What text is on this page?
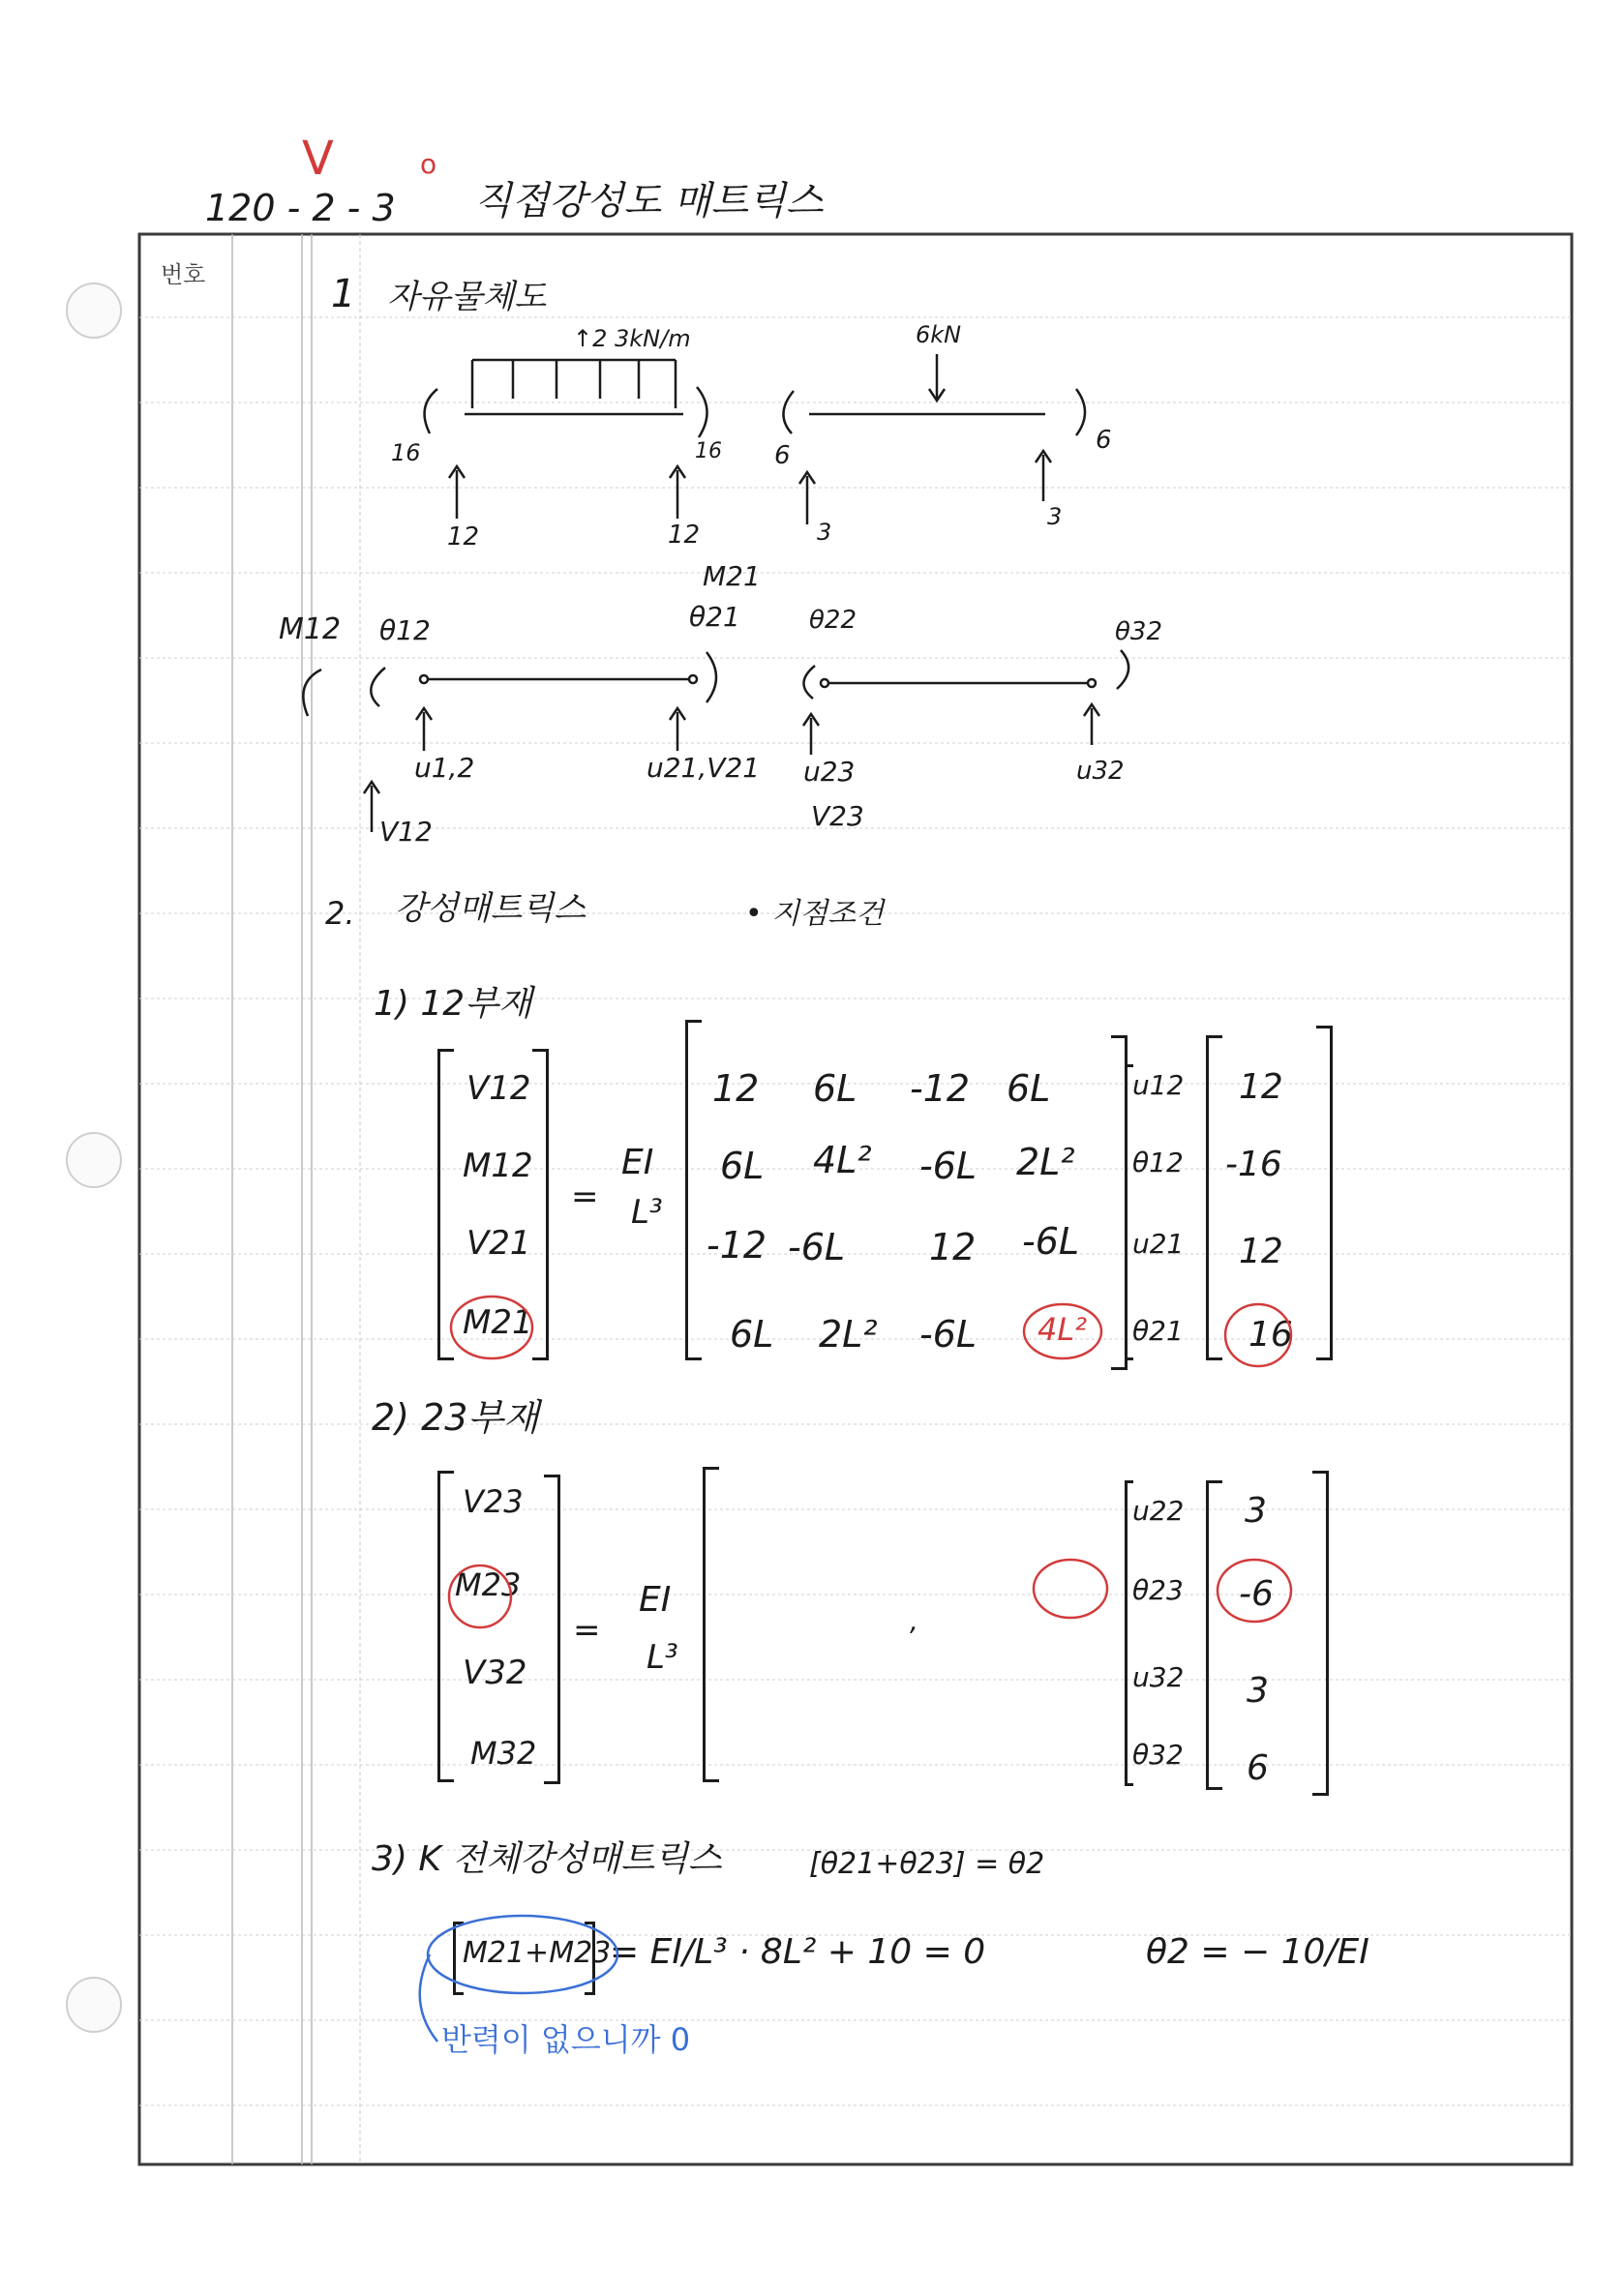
120 - 2 - 3
V	o
직접강성도 매트릭스
번호	1 자유물체도
↑2 3kN/m	6kN
16	16 6
6
12	12	3
3
M12 θ12
M21
θ21	θ22	θ32
u1,2	u21,V21 u23	u32
V12	V23
2. 강성매트릭스	• 지점조건
1) 12부재
V12
M12
V21
M21
=
EI
L³
12 6L -12 6L
6L 4L² -6L 2L²
-12 -6L 12 -6L
6L 2L² -6L 4L²
u12
θ12
u21
θ21
12
-16
12
16
2) 23부재
V23
M23
V32
M32
=
EI
L³
,
u22
θ23
u32
θ32
3
-6
3
6
3) K 전체강성매트릭스	[θ21+θ23] = θ2
M21+M23
= EI/L³ · 8L² + 10 = 0	θ2 = − 10/EI
반력이 없으니까 0
